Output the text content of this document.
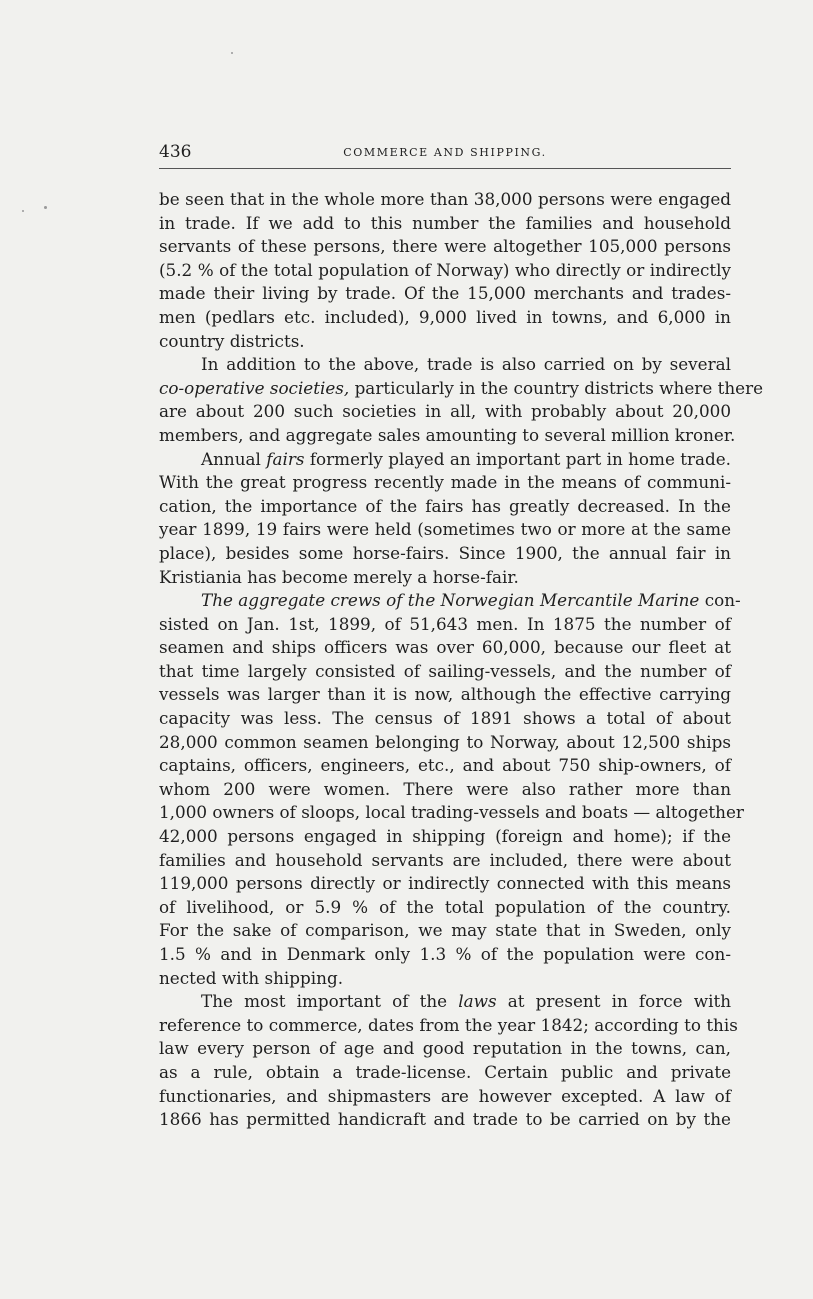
436	COMMERCE AND SHIPPING.
be seen that in the whole more than 38,000 persons were engaged
in trade. If we add to this number the families and household
servants of these persons, there were altogether 105,000 persons
(5.2 % of the total population of Norway) who directly or indirectly
made their living by trade. Of the 15,000 merchants and trades-
men (pedlars etc. included), 9,000 lived in towns, and 6,000 in
country districts.
In addition to the above, trade is also carried on by several
co-operative societies, particularly in the country districts where there
are about 200 such societies in all, with probably about 20,000
members, and aggregate sales amounting to several million kroner.
Annual fairs formerly played an important part in home trade.
With the great progress recently made in the means of communi-
cation, the importance of the fairs has greatly decreased. In the
year 1899, 19 fairs were held (sometimes two or more at the same
place), besides some horse-fairs. Since 1900, the annual fair in
Kristiania has become merely a horse-fair.
The aggregate crews of the Norwegian Mercantile Marine con-
sisted on Jan. 1st, 1899, of 51,643 men. In 1875 the number of
seamen and ships officers was over 60,000, because our fleet at
that time largely consisted of sailing-vessels, and the number of
vessels was larger than it is now, although the effective carrying
capacity was less. The census of 1891 shows a total of about
28,000 common seamen belonging to Norway, about 12,500 ships
captains, officers, engineers, etc., and about 750 ship-owners, of
whom 200 were women. There were also rather more than
1,000 owners of sloops, local trading-vessels and boats — altogether
42,000 persons engaged in shipping (foreign and home); if the
families and household servants are included, there were about
119,000 persons directly or indirectly connected with this means
of livelihood, or 5.9 % of the total population of the country.
For the sake of comparison, we may state that in Sweden, only
1.5 % and in Denmark only 1.3 % of the population were con-
nected with shipping.
The most important of the laws at present in force with
reference to commerce, dates from the year 1842; according to this
law every person of age and good reputation in the towns, can,
as a rule, obtain a trade-license. Certain public and private
functionaries, and shipmasters are however excepted. A law of
1866 has permitted handicraft and trade to be carried on by the
